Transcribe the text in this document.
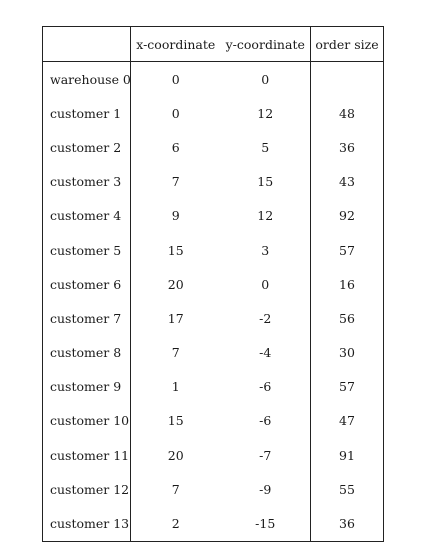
	x-coordinate	y-coordinate	order size
warehouse 0	0	0	
customer 1	0	12	48
customer 2	6	5	36
customer 3	7	15	43
customer 4	9	12	92
customer 5	15	3	57
customer 6	20	0	16
customer 7	17	-2	56
customer 8	7	-4	30
customer 9	1	-6	57
customer 10	15	-6	47
customer 11	20	-7	91
customer 12	7	-9	55
customer 13	2	-15	36
